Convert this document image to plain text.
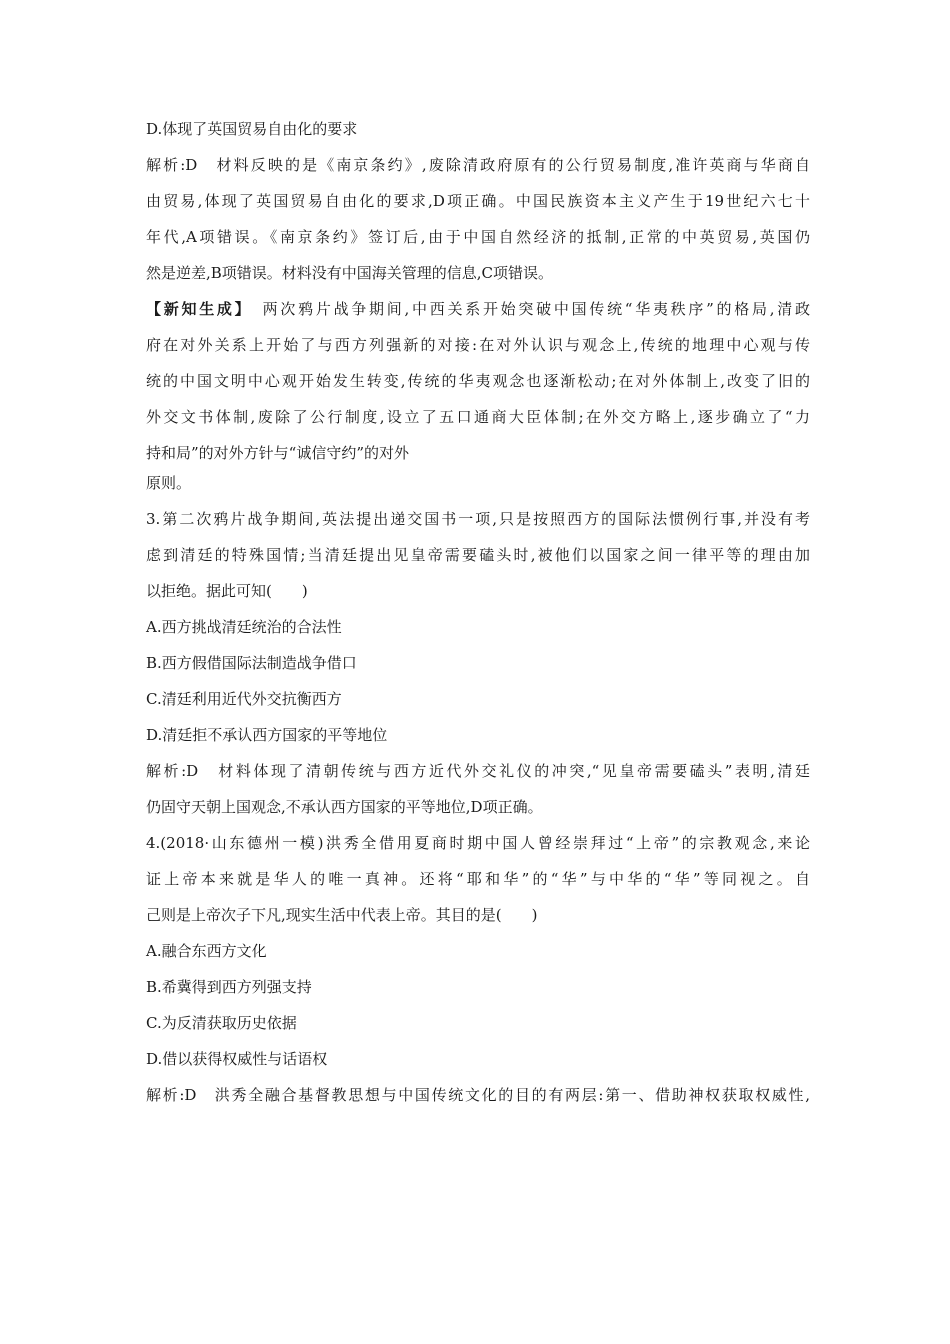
D.体现了英国贸易自由化的要求
解析:D　材料反映的是《南京条约》,废除清政府原有的公行贸易制度,准许英商与华商自
由贸易,体现了英国贸易自由化的要求,D项正确。中国民族资本主义产生于19世纪六七十
年代,A项错误。《南京条约》签订后,由于中国自然经济的抵制,正常的中英贸易,英国仍
然是逆差,B项错误。材料没有中国海关管理的信息,C项错误。
【新知生成】　两次鸦片战争期间,中西关系开始突破中国传统“华夷秩序”的格局,清政
府在对外关系上开始了与西方列强新的对接:在对外认识与观念上,传统的地理中心观与传
统的中国文明中心观开始发生转变,传统的华夷观念也逐渐松动;在对外体制上,改变了旧的
外交文书体制,废除了公行制度,设立了五口通商大臣体制;在外交方略上,逐步确立了“力
持和局”的对外方针与“诚信守约”的对外
原则。
3.第二次鸦片战争期间,英法提出递交国书一项,只是按照西方的国际法惯例行事,并没有考
虑到清廷的特殊国情;当清廷提出见皇帝需要磕头时,被他们以国家之间一律平等的理由加
以拒绝。据此可知(　　)
A.西方挑战清廷统治的合法性
B.西方假借国际法制造战争借口
C.清廷利用近代外交抗衡西方
D.清廷拒不承认西方国家的平等地位
解析:D　材料体现了清朝传统与西方近代外交礼仪的冲突,“见皇帝需要磕头”表明,清廷
仍固守天朝上国观念,不承认西方国家的平等地位,D项正确。
4.(2018·山东德州一模)洪秀全借用夏商时期中国人曾经崇拜过“上帝”的宗教观念,来论
证上帝本来就是华人的唯一真神。还将“耶和华”的“华”与中华的“华”等同视之。自
己则是上帝次子下凡,现实生活中代表上帝。其目的是(　　)
A.融合东西方文化
B.希冀得到西方列强支持
C.为反清获取历史依据
D.借以获得权威性与话语权
解析:D　洪秀全融合基督教思想与中国传统文化的目的有两层:第一、借助神权获取权威性,
